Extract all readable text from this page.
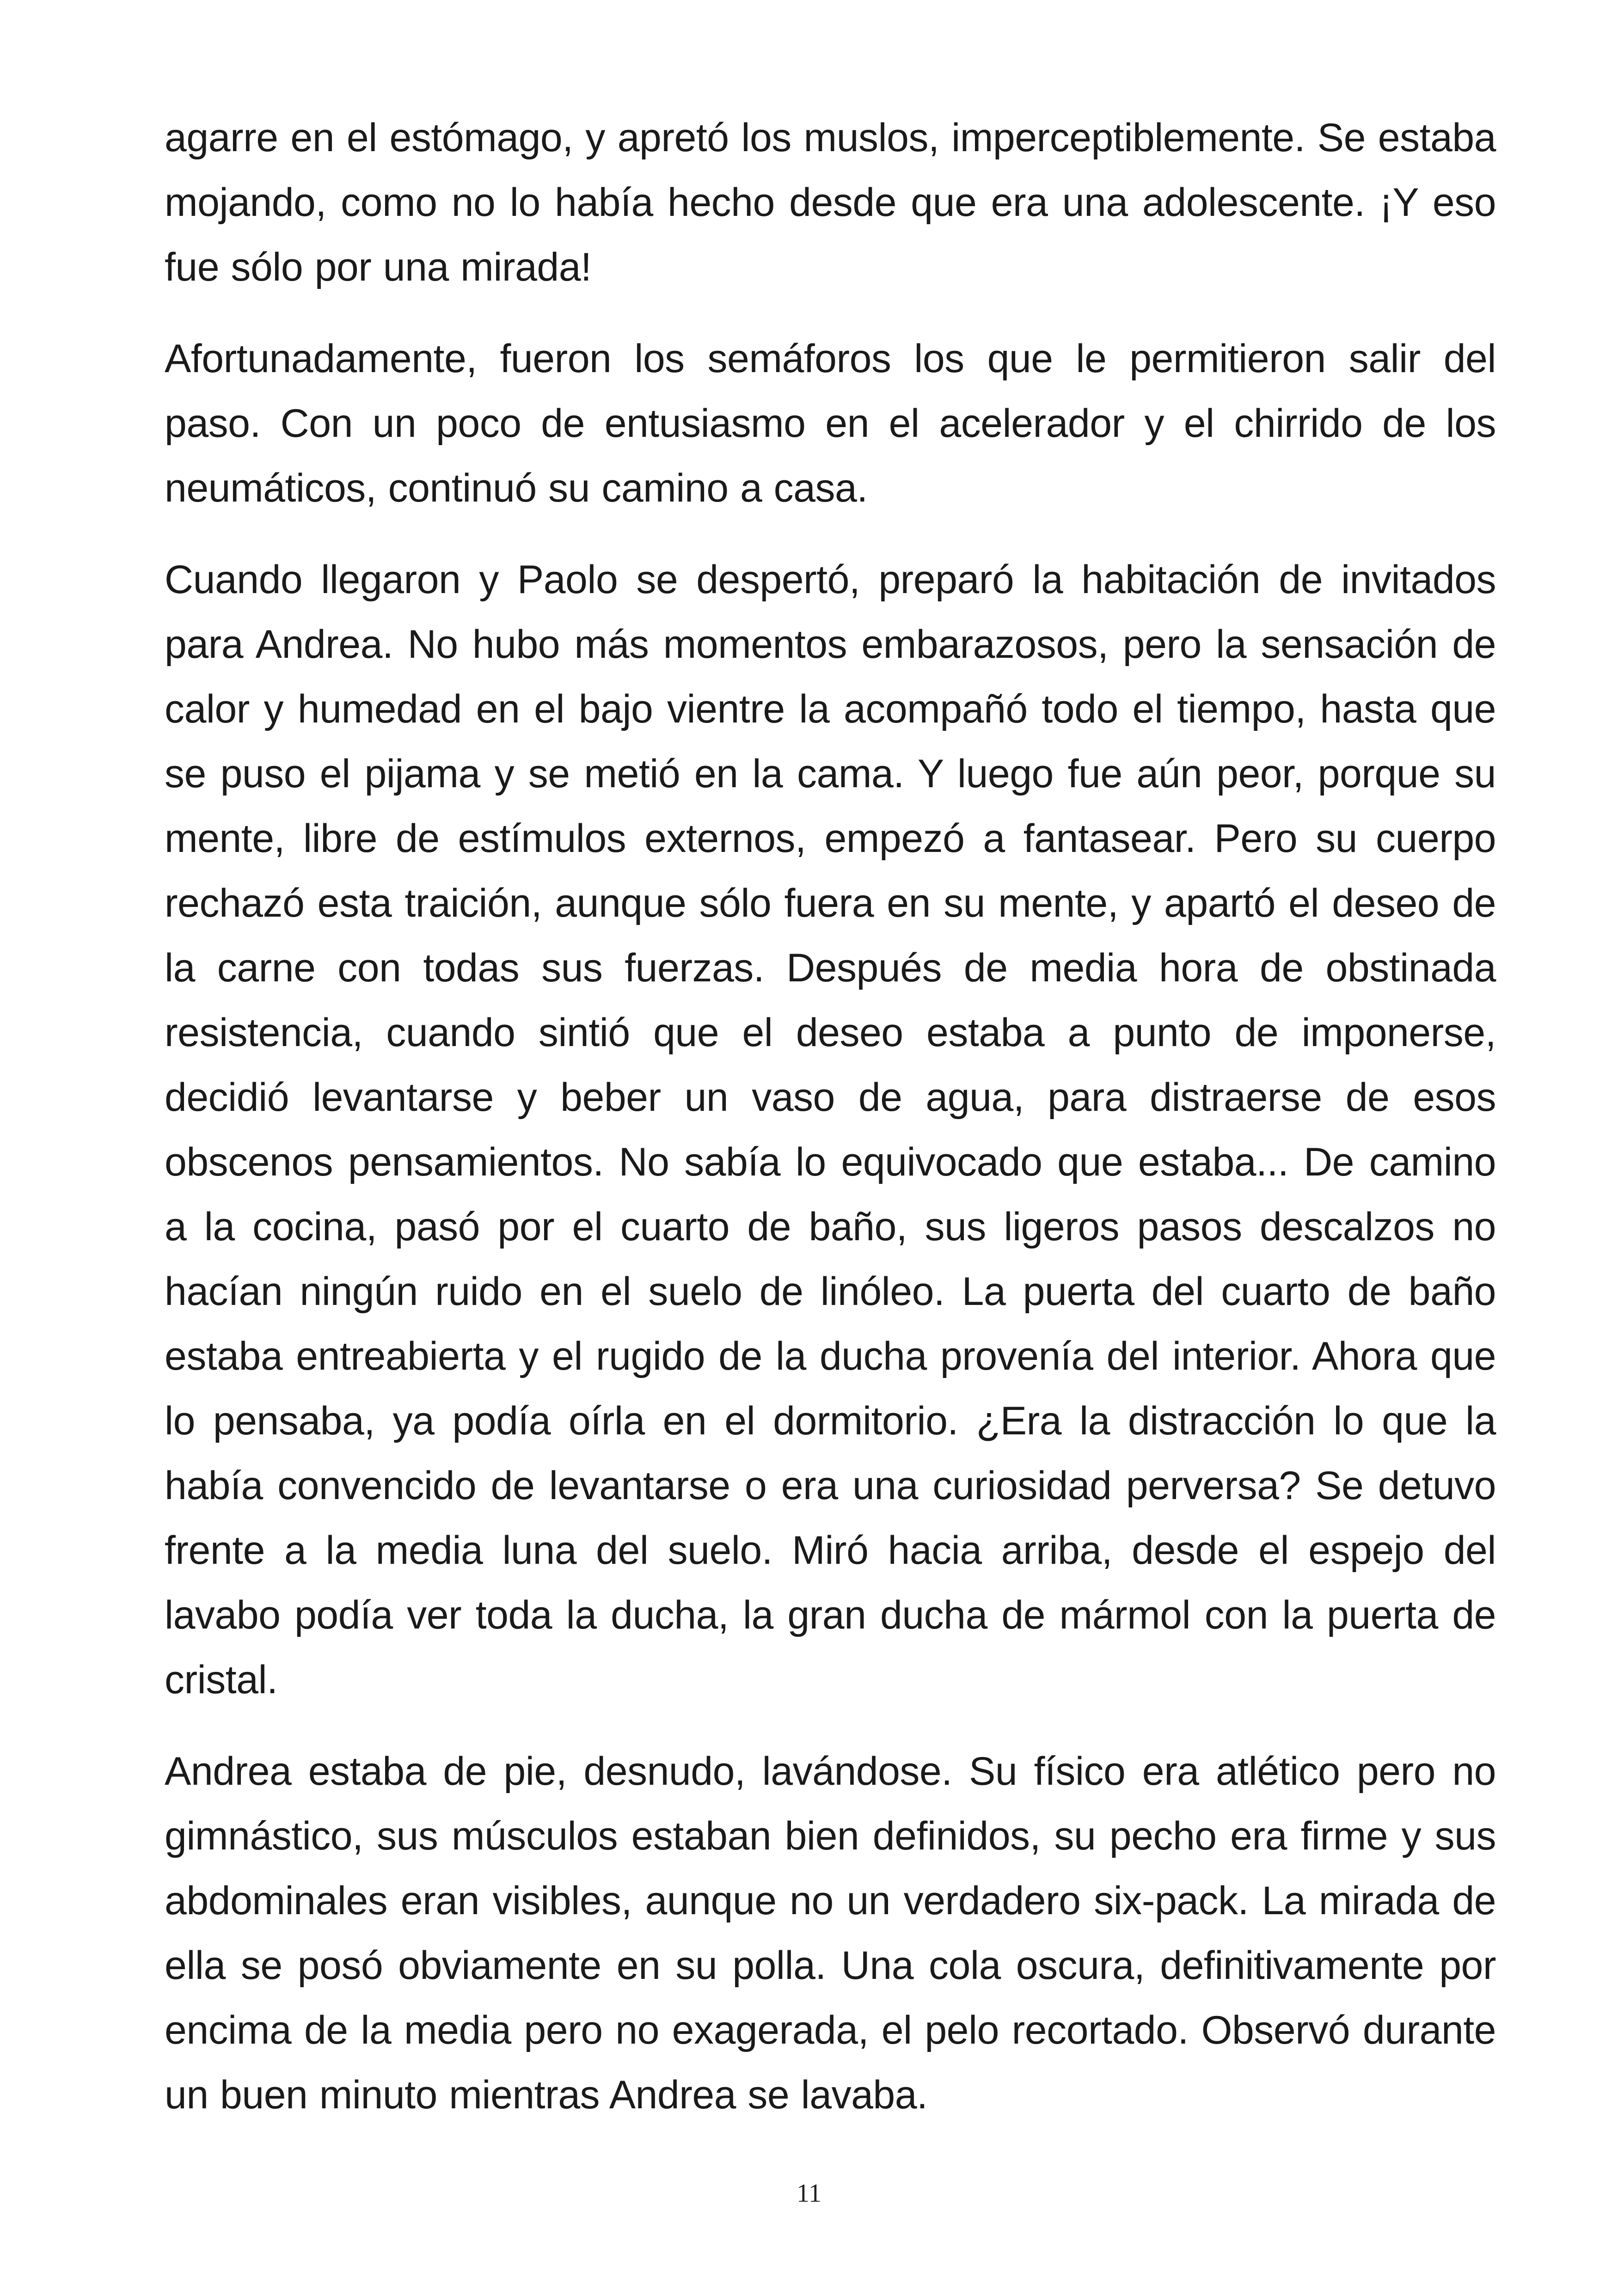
agarre en el estómago, y apretó los muslos, imperceptiblemente. Se estaba mojando, como no lo había hecho desde que era una adolescente. ¡Y eso fue sólo por una mirada!

Afortunadamente, fueron los semáforos los que le permitieron salir del paso. Con un poco de entusiasmo en el acelerador y el chirrido de los neumáticos, continuó su camino a casa.

Cuando llegaron y Paolo se despertó, preparó la habitación de invitados para Andrea. No hubo más momentos embarazosos, pero la sensación de calor y humedad en el bajo vientre la acompañó todo el tiempo, hasta que se puso el pijama y se metió en la cama. Y luego fue aún peor, porque su mente, libre de estímulos externos, empezó a fantasear. Pero su cuerpo rechazó esta traición, aunque sólo fuera en su mente, y apartó el deseo de la carne con todas sus fuerzas. Después de media hora de obstinada resistencia, cuando sintió que el deseo estaba a punto de imponerse, decidió levantarse y beber un vaso de agua, para distraerse de esos obscenos pensamientos. No sabía lo equivocado que estaba... De camino a la cocina, pasó por el cuarto de baño, sus ligeros pasos descalzos no hacían ningún ruido en el suelo de linóleo. La puerta del cuarto de baño estaba entreabierta y el rugido de la ducha provenía del interior. Ahora que lo pensaba, ya podía oírla en el dormitorio. ¿Era la distracción lo que la había convencido de levantarse o era una curiosidad perversa? Se detuvo frente a la media luna del suelo. Miró hacia arriba, desde el espejo del lavabo podía ver toda la ducha, la gran ducha de mármol con la puerta de cristal.

Andrea estaba de pie, desnudo, lavándose. Su físico era atlético pero no gimnástico, sus músculos estaban bien definidos, su pecho era firme y sus abdominales eran visibles, aunque no un verdadero six-pack. La mirada de ella se posó obviamente en su polla. Una cola oscura, definitivamente por encima de la media pero no exagerada, el pelo recortado. Observó durante un buen minuto mientras Andrea se lavaba.

11
